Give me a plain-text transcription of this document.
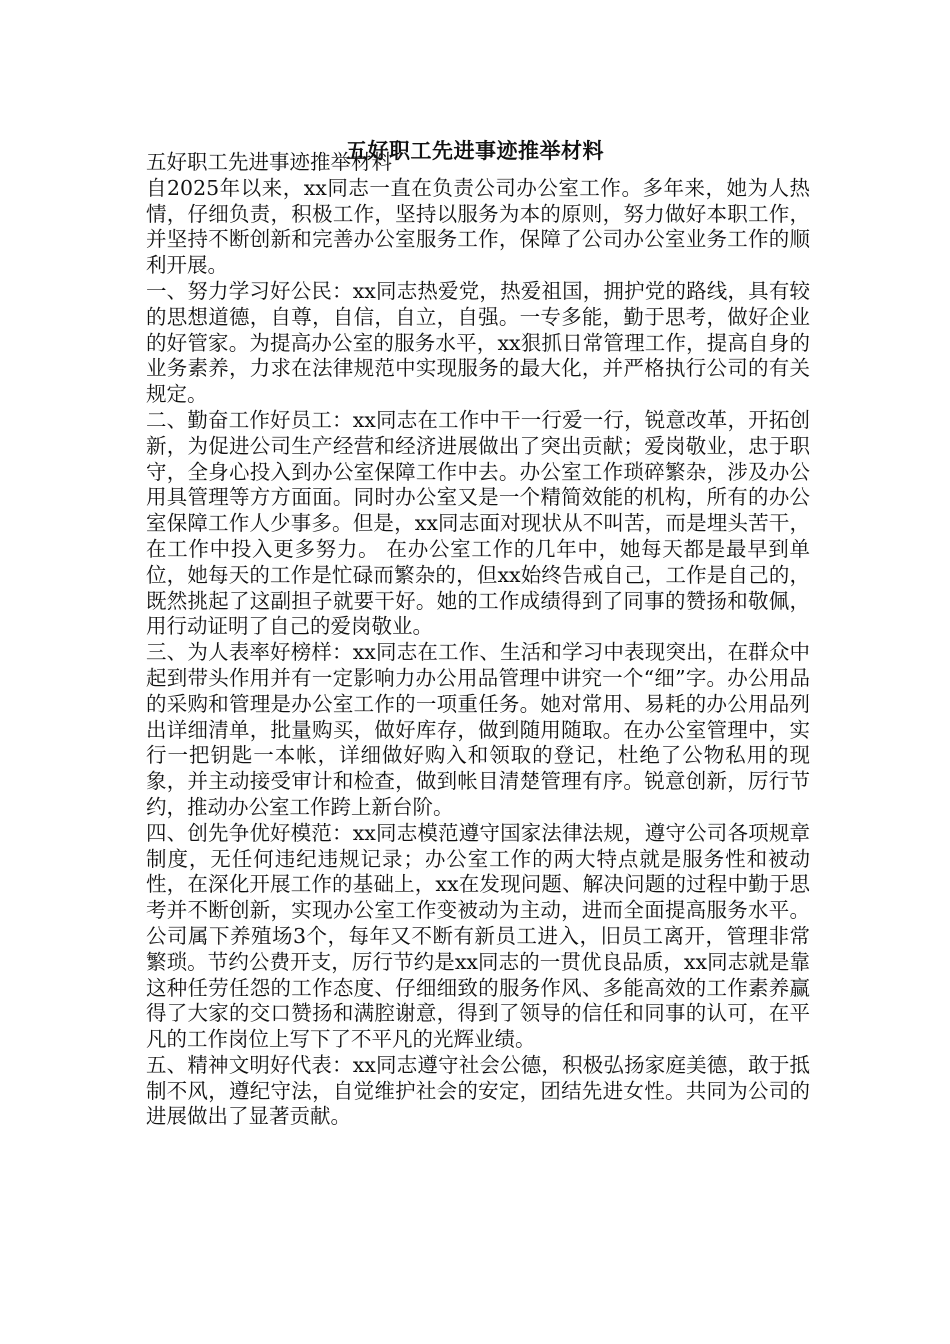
五好职工先进事迹推举材料

五好职工先进事迹推举材料

自2025年以来，xx同志一直在负责公司办公室工作。多年来，她为人热情，仔细负责，积极工作，坚持以服务为本的原则，努力做好本职工作，并坚持不断创新和完善办公室服务工作，保障了公司办公室业务工作的顺利开展。

一、努力学习好公民：xx同志热爱党，热爱祖国，拥护党的路线，具有较的思想道德，自尊，自信，自立，自强。一专多能，勤于思考，做好企业的好管家。为提高办公室的服务水平，xx狠抓日常管理工作，提高自身的业务素养，力求在法律规范中实现服务的最大化，并严格执行公司的有关规定。

二、勤奋工作好员工：xx同志在工作中干一行爱一行，锐意改革，开拓创新，为促进公司生产经营和经济进展做出了突出贡献；爱岗敬业，忠于职守，全身心投入到办公室保障工作中去。办公室工作琐碎繁杂，涉及办公用具管理等方方面面。同时办公室又是一个精简效能的机构，所有的办公室保障工作人少事多。但是，xx同志面对现状从不叫苦，而是埋头苦干，在工作中投入更多努力。 在办公室工作的几年中，她每天都是最早到单位，她每天的工作是忙碌而繁杂的，但xx始终告戒自己，工作是自己的，既然挑起了这副担子就要干好。她的工作成绩得到了同事的赞扬和敬佩，用行动证明了自己的爱岗敬业。

三、为人表率好榜样：xx同志在工作、生活和学习中表现突出，在群众中起到带头作用并有一定影响力办公用品管理中讲究一个“细”字。办公用品的采购和管理是办公室工作的一项重任务。她对常用、易耗的办公用品列出详细清单，批量购买，做好库存，做到随用随取。在办公室管理中，实行一把钥匙一本帐，详细做好购入和领取的登记，杜绝了公物私用的现象，并主动接受审计和检查，做到帐目清楚管理有序。锐意创新，厉行节约，推动办公室工作跨上新台阶。

四、创先争优好模范：xx同志模范遵守国家法律法规，遵守公司各项规章制度，无任何违纪违规记录；办公室工作的两大特点就是服务性和被动性，在深化开展工作的基础上，xx在发现问题、解决问题的过程中勤于思考并不断创新，实现办公室工作变被动为主动，进而全面提高服务水平。 公司属下养殖场3个，每年又不断有新员工进入，旧员工离开，管理非常繁琐。节约公费开支，厉行节约是xx同志的一贯优良品质，xx同志就是靠这种任劳任怨的工作态度、仔细细致的服务作风、多能高效的工作素养赢得了大家的交口赞扬和满腔谢意，得到了领导的信任和同事的认可，在平凡的工作岗位上写下了不平凡的光辉业绩。

五、精神文明好代表：xx同志遵守社会公德，积极弘扬家庭美德，敢于抵制不风，遵纪守法，自觉维护社会的安定，团结先进女性。共同为公司的进展做出了显著贡献。
